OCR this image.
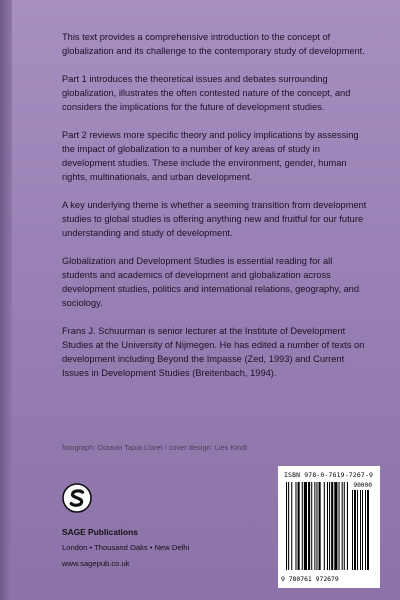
This text provides a comprehensive introduction to the concept of globalization and its challenge to the contemporary study of development.

Part 1 introduces the theoretical issues and debates surrounding globalization, illustrates the often contested nature of the concept, and considers the implications for the future of development studies.

Part 2 reviews more specific theory and policy implications by assessing the impact of globalization to a number of key areas of study in development studies. These include the environment, gender, human rights, multinationals, and urban development.

A key underlying theme is whether a seeming transition from development studies to global studies is offering anything new and fruitful for our future understanding and study of development.

Globalization and Development Studies is essential reading for all students and academics of development and globalization across development studies, politics and international relations, geography, and sociology.

Frans J. Schuurman is senior lecturer at the Institute of Development Studies at the University of Nijmegen. He has edited a number of texts on development including Beyond the Impasse (Zed, 1993) and Current Issues in Development Studies (Breitenbach, 1994).

fotograph: Octavio Tapia Lloret / cover design: Lies Kindt
SAGE Publications
London • Thousand Oaks • New Delhi
www.sagepub.co.uk
ISBN 978-0-7619-7267-9
90000
9 780761 972679
